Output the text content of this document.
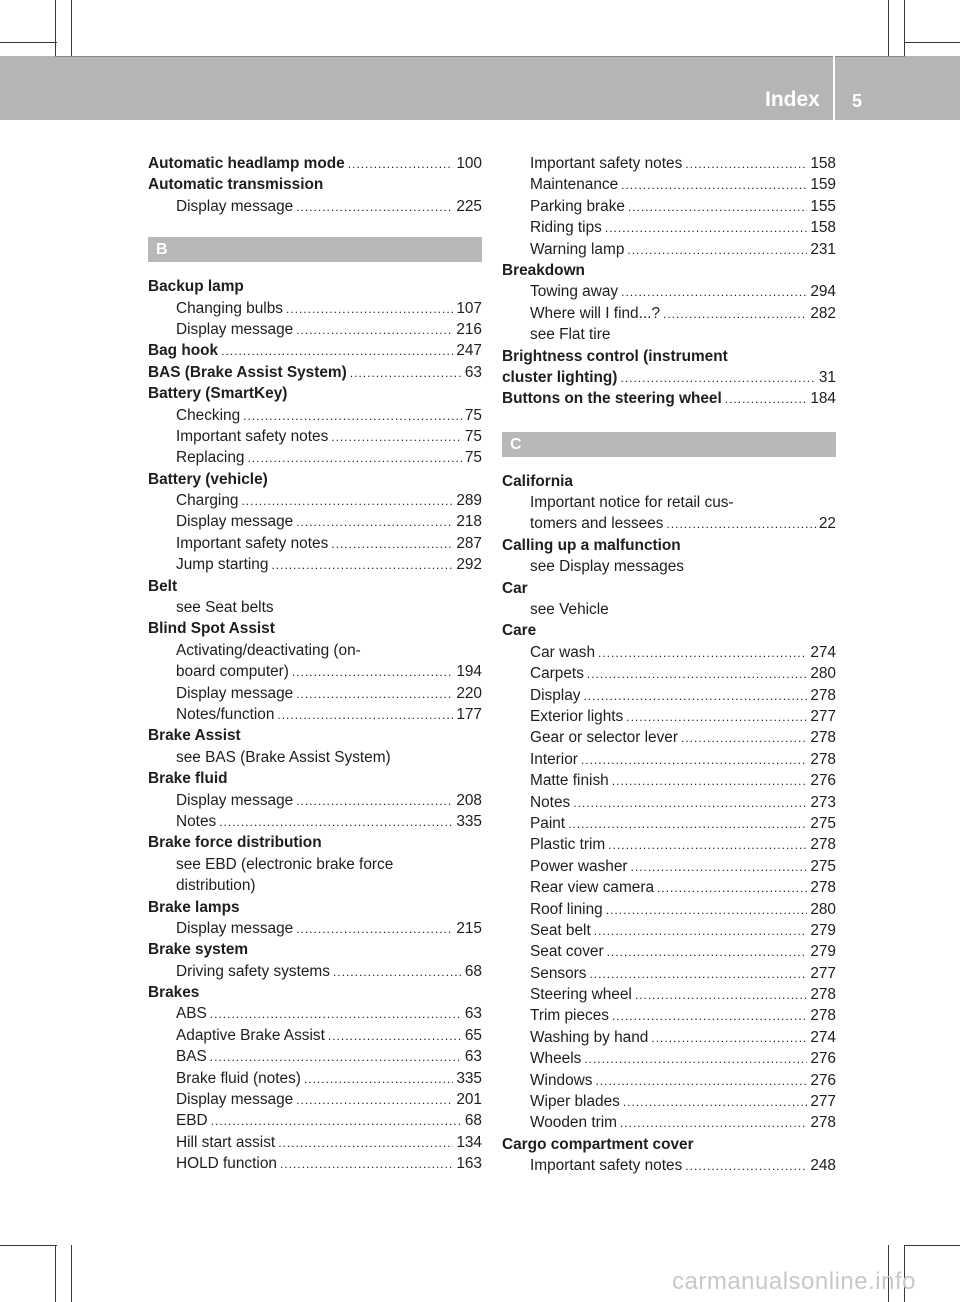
Index 5
Automatic headlamp mode .....	100
Automatic transmission
Display message .....	225
B
Backup lamp
Changing bulbs .....	107
Display message .....	216
Bag hook .....	247
BAS (Brake Assist System) .....	63
Battery (SmartKey)
Checking .....	75
Important safety notes .....	75
Replacing .....	75
Battery (vehicle)
Charging .....	289
Display message .....	218
Important safety notes .....	287
Jump starting .....	292
Belt
see Seat belts
Blind Spot Assist
Activating/deactivating (on-
board computer) .....	194
Display message .....	220
Notes/function .....	177
Brake Assist
see BAS (Brake Assist System)
Brake fluid
Display message .....	208
Notes .....	335
Brake force distribution
see EBD (electronic brake force
distribution)
Brake lamps
Display message .....	215
Brake system
Driving safety systems .....	68
Brakes
ABS .....	63
Adaptive Brake Assist .....	65
BAS .....	63
Brake fluid (notes) .....	335
Display message .....	201
EBD .....	68
Hill start assist .....	134
HOLD function .....	163
Important safety notes .....	158
Maintenance .....	159
Parking brake .....	155
Riding tips .....	158
Warning lamp .....	231
Breakdown
Towing away .....	294
Where will I find...? .....	282
see Flat tire
Brightness control (instrument
cluster lighting) .....	31
Buttons on the steering wheel .....	184
C
California
Important notice for retail cus-
tomers and lessees .....	22
Calling up a malfunction
see Display messages
Car
see Vehicle
Care
Car wash .....	274
Carpets .....	280
Display .....	278
Exterior lights .....	277
Gear or selector lever .....	278
Interior .....	278
Matte finish .....	276
Notes .....	273
Paint .....	275
Plastic trim .....	278
Power washer .....	275
Rear view camera .....	278
Roof lining .....	280
Seat belt .....	279
Seat cover .....	279
Sensors .....	277
Steering wheel .....	278
Trim pieces .....	278
Washing by hand .....	274
Wheels .....	276
Windows .....	276
Wiper blades .....	277
Wooden trim .....	278
Cargo compartment cover
Important safety notes .....	248
carmanualsonline.info
